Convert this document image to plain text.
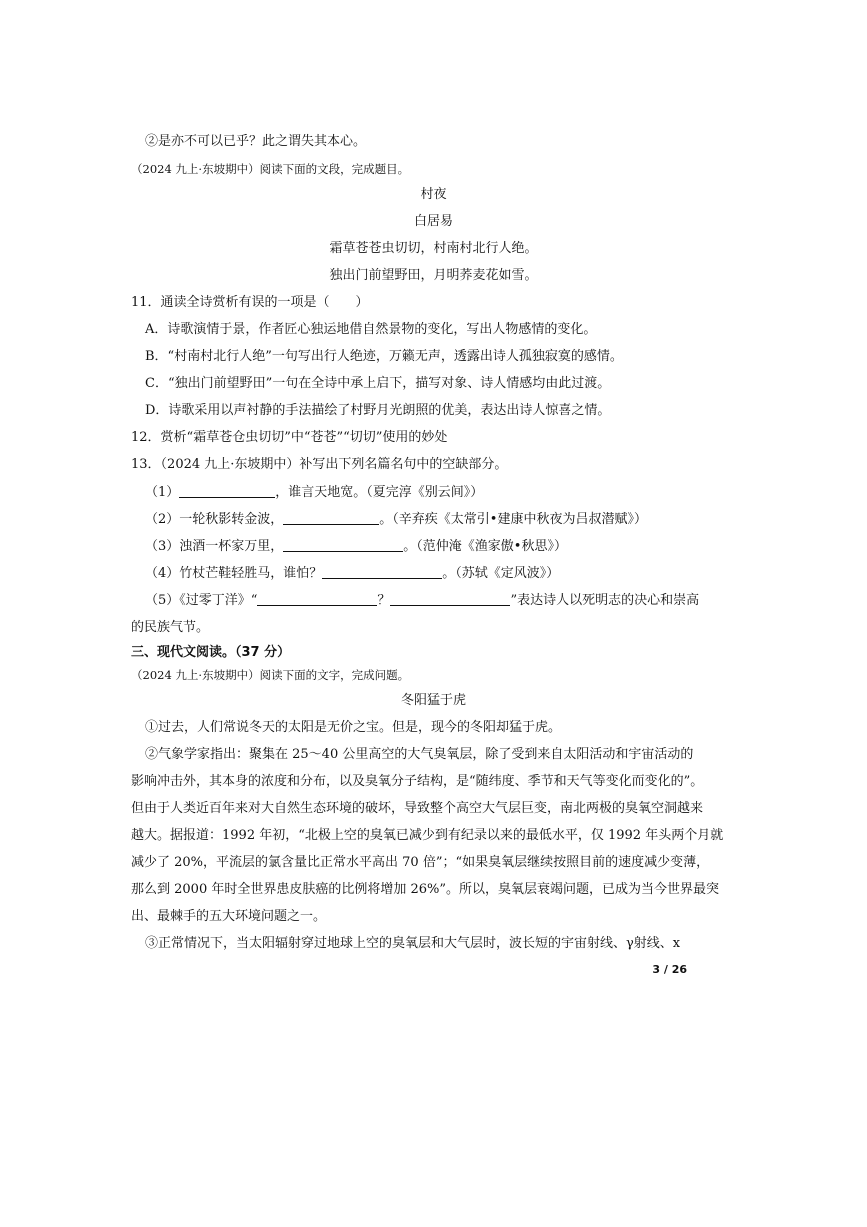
②是亦不可以已乎？此之谓失其本心。
（2024 九上·东坡期中）阅读下面的文段，完成题目。
村夜
白居易
霜草苍苍虫切切，村南村北行人绝。
独出门前望野田，月明荞麦花如雪。
11．通读全诗赏析有误的一项是（　　）
A．诗歌演情于景，作者匠心独运地借自然景物的变化，写出人物感情的变化。
B．“村南村北行人绝”一句写出行人绝迹，万籁无声，透露出诗人孤独寂寞的感情。
C．“独出门前望野田”一句在全诗中承上启下，描写对象、诗人情感均由此过渡。
D．诗歌采用以声衬静的手法描绘了村野月光朗照的优美，表达出诗人惊喜之情。
12．赏析“霜草苍仓虫切切”中“苍苍”“切切”使用的妙处
13．（2024 九上·东坡期中）补写出下列名篇名句中的空缺部分。
（1）	，谁言天地宽。（夏完淳《别云间》）
（2）一轮秋影转金波，	。（辛弃疾《太常引•建康中秋夜为吕叔潜赋》）
（3）浊酒一杯家万里，	。（范仲淹《渔家傲•秋思》）
（4）竹杖芒鞋轻胜马，谁怕？	。（苏轼《定风波》）
（5）《过零丁洋》“	？	”表达诗人以死明志的决心和崇高
的民族气节。
三、现代文阅读。（37 分）
（2024 九上·东坡期中）阅读下面的文字，完成问题。
冬阳猛于虎
①过去，人们常说冬天的太阳是无价之宝。但是，现今的冬阳却猛于虎。
②气象学家指出：聚集在 25～40 公里高空的大气臭氧层，除了受到来自太阳活动和宇宙活动的
影响冲击外，其本身的浓度和分布，以及臭氧分子结构，是“随纬度、季节和天气等变化而变化的”。
但由于人类近百年来对大自然生态环境的破坏，导致整个高空大气层巨变，南北两极的臭氧空洞越来
越大。据报道：1992 年初，“北极上空的臭氧已减少到有纪录以来的最低水平，仅 1992 年头两个月就
减少了 20%，平流层的氯含量比正常水平高出 70 倍”；“如果臭氧层继续按照目前的速度减少变薄，
那么到 2000 年时全世界患皮肤癌的比例将增加 26%”。所以，臭氧层衰竭问题，已成为当今世界最突
出、最棘手的五大环境问题之一。
③正常情况下，当太阳辐射穿过地球上空的臭氧层和大气层时，波长短的宇宙射线、γ射线、x
3 / 26
